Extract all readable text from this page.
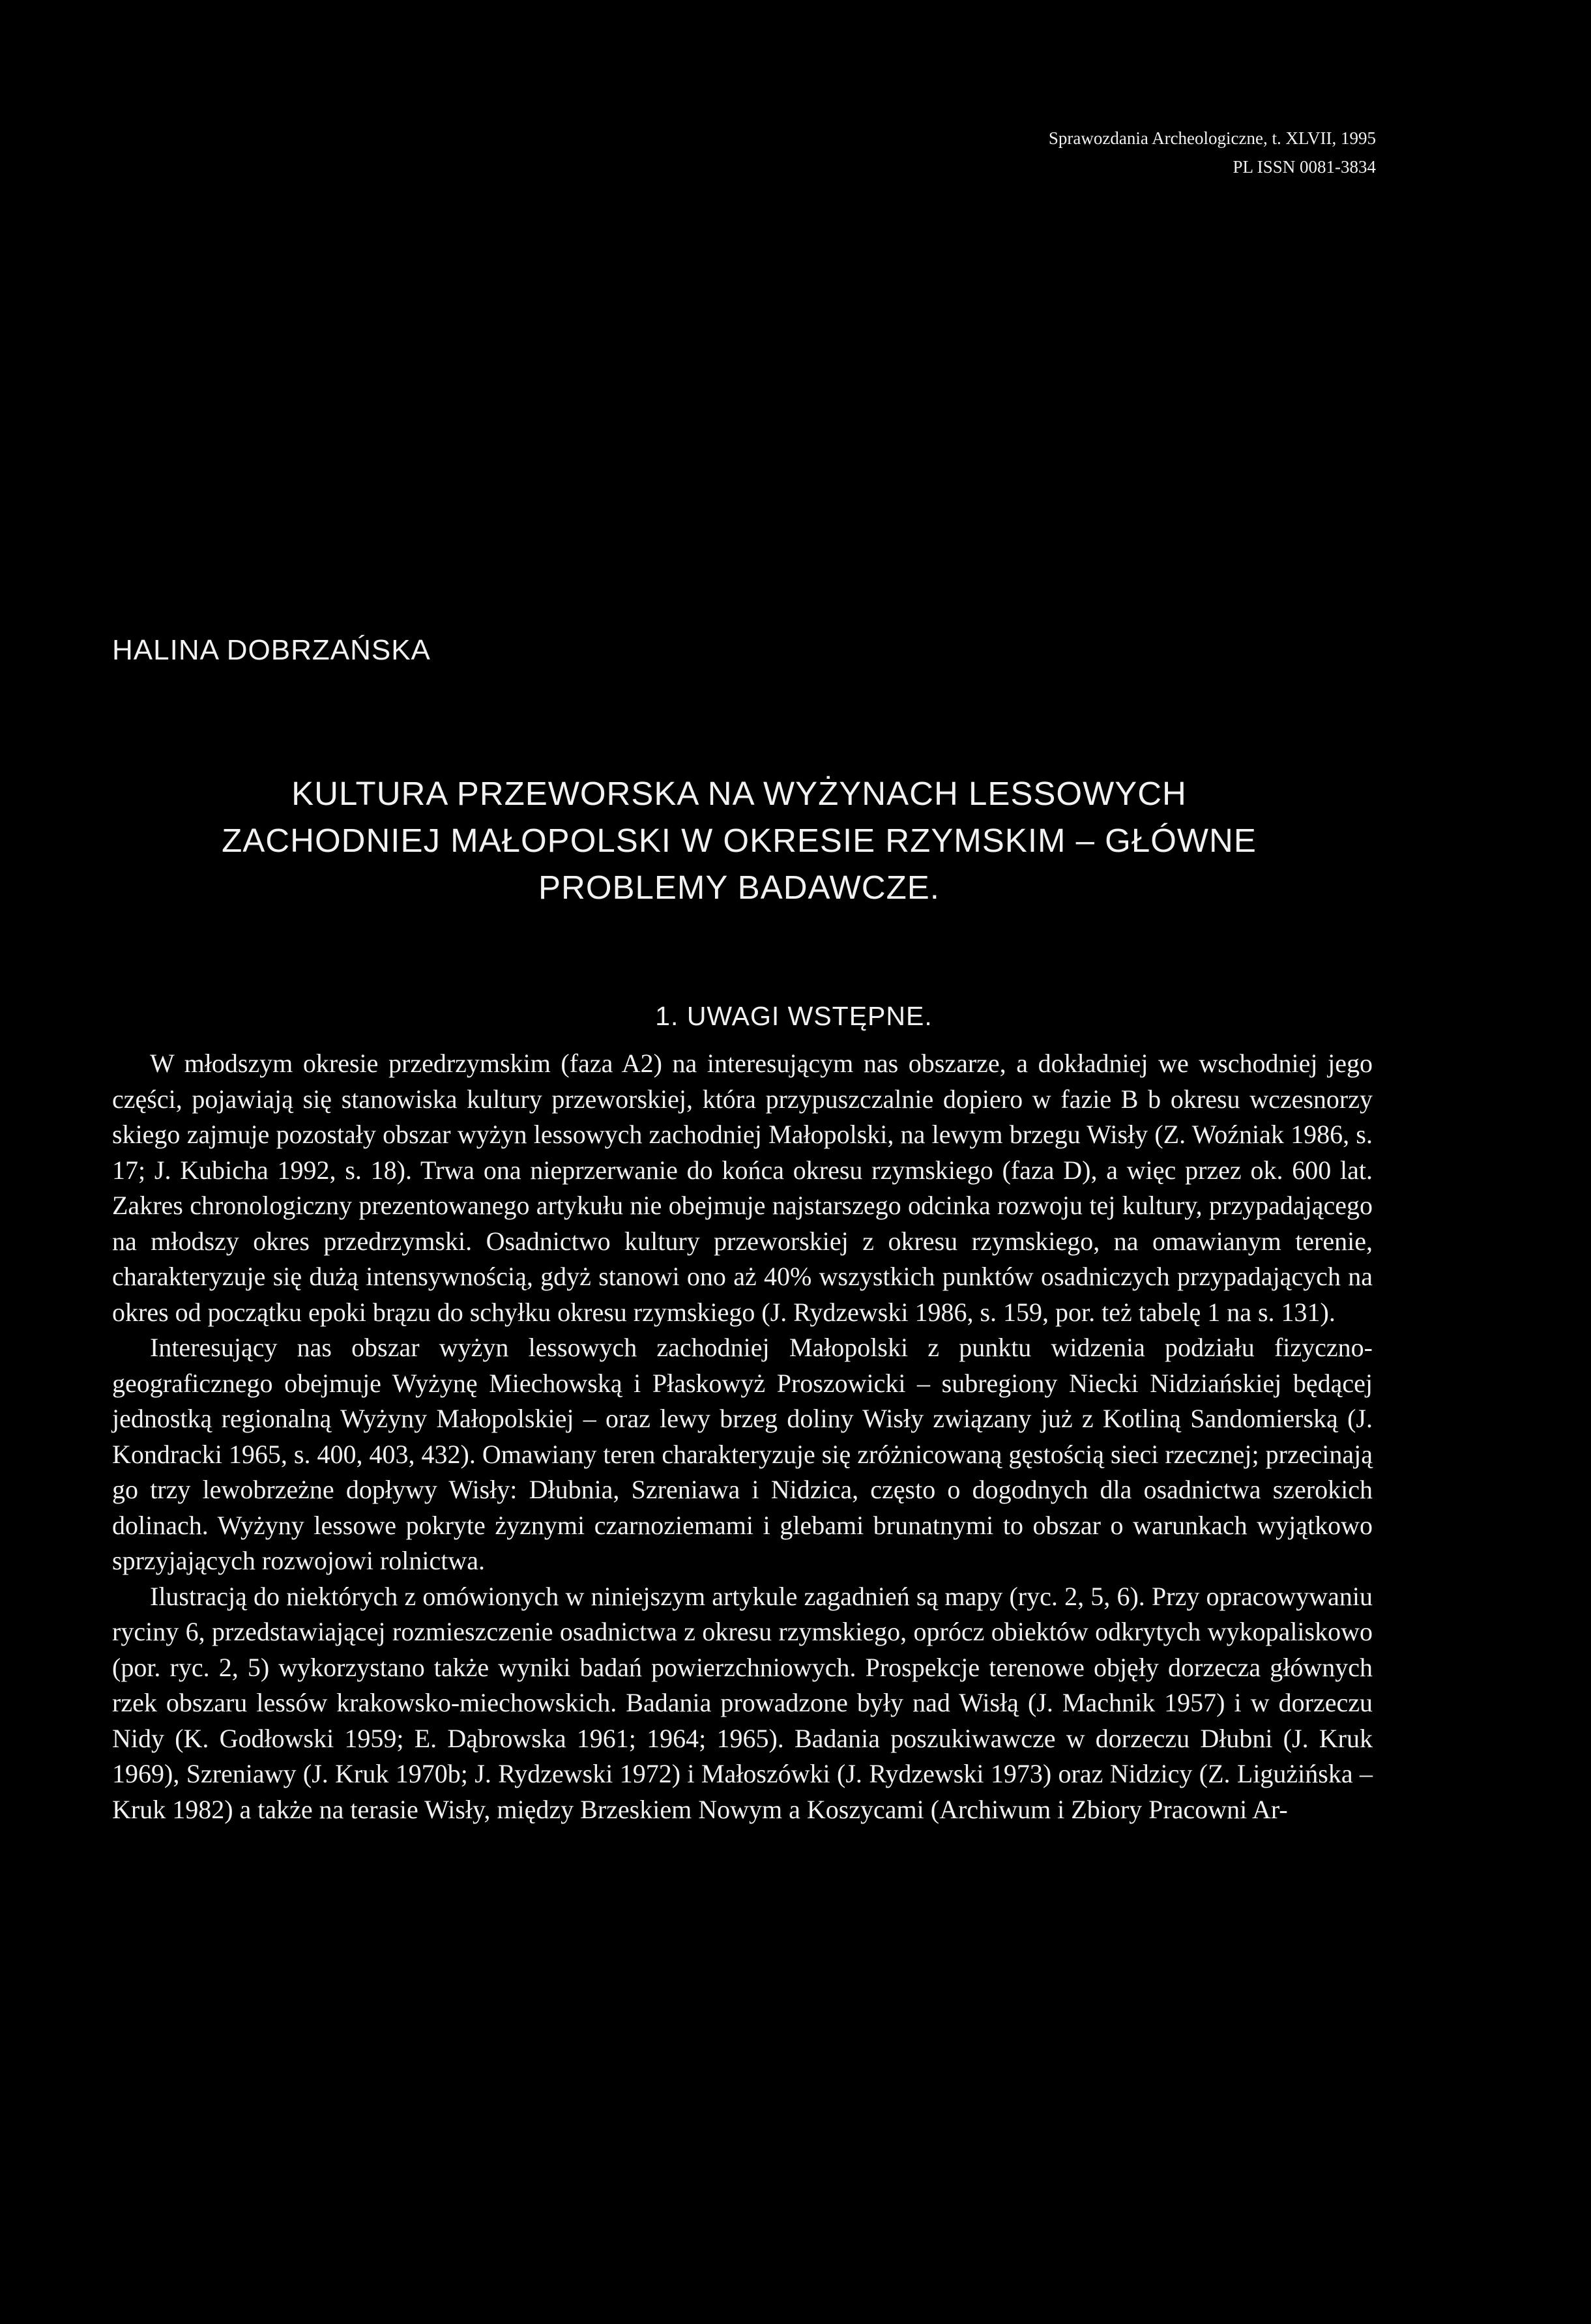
Sprawozdania Archeologiczne, t. XLVII, 1995
PL ISSN 0081-3834
HALINA DOBRZAŃSKA
KULTURA PRZEWORSKA NA WYŻYNACH LESSOWYCH
ZACHODNIEJ MAŁOPOLSKI W OKRESIE RZYMSKIM – GŁÓWNE
PROBLEMY BADAWCZE.
1. UWAGI WSTĘPNE.

W młodszym okresie przedrzymskim (faza A2) na interesującym nas obszarze, a dokładniej we wschodniej jego części, pojawiają się stanowiska kultury przeworskiej, która przypuszczalnie dopiero w fazie B b okresu wczesnorzy skiego zajmuje pozostały obszar wyżyn lessowych zachodniej Małopolski, na lewym brzegu Wisły (Z. Woźniak 1986, s. 17; J. Kubicha 1992, s. 18). Trwa ona nieprzerwanie do końca okresu rzymskiego (faza D), a więc przez ok. 600 lat. Zakres chronologiczny prezentowanego artykułu nie obejmuje najstarszego odcinka rozwoju tej kultury, przypadającego na młodszy okres przedrzymski. Osadnictwo kultury przeworskiej z okresu rzymskiego, na omawianym terenie, charakteryzuje się dużą intensywnością, gdyż stanowi ono aż 40% wszystkich punktów osadniczych przypadających na okres od początku epoki brązu do schyłku okresu rzymskiego (J. Rydzewski 1986, s. 159, por. też tabelę 1 na s. 131).

Interesujący nas obszar wyżyn lessowych zachodniej Małopolski z punktu widzenia podziału fizyczno-geograficznego obejmuje Wyżynę Miechowską i Płaskowyż Proszowicki – subregiony Niecki Nidziańskiej będącej jednostką regionalną Wyżyny Małopolskiej – oraz lewy brzeg doliny Wisły związany już z Kotliną Sandomierską (J. Kondracki 1965, s. 400, 403, 432). Omawiany teren charakteryzuje się zróżnicowaną gęstością sieci rzecznej; przecinają go trzy lewobrzeżne dopływy Wisły: Dłubnia, Szreniawa i Nidzica, często o dogodnych dla osadnictwa szerokich dolinach. Wyżyny lessowe pokryte żyznymi czarnoziemami i glebami brunatnymi to obszar o warunkach wyjątkowo sprzyjających rozwojowi rolnictwa.

Ilustracją do niektórych z omówionych w niniejszym artykule zagadnień są mapy (ryc. 2, 5, 6). Przy opracowywaniu ryciny 6, przedstawiającej rozmieszczenie osadnictwa z okresu rzymskiego, oprócz obiektów odkrytych wykopaliskowo (por. ryc. 2, 5) wykorzystano także wyniki badań powierzchniowych. Prospekcje terenowe objęły dorzecza głównych rzek obszaru lessów krakowsko-miechowskich. Badania prowadzone były nad Wisłą (J. Machnik 1957) i w dorzeczu Nidy (K. Godłowski 1959; E. Dąbrowska 1961; 1964; 1965). Badania poszukiwawcze w dorzeczu Dłubni (J. Kruk 1969), Szreniawy (J. Kruk 1970b; J. Rydzewski 1972) i Małoszówki (J. Rydzewski 1973) oraz Nidzicy (Z. Ligużińska – Kruk 1982) a także na terasie Wisły, między Brzeskiem Nowym a Koszycami (Archiwum i Zbiory Pracowni Ar-
